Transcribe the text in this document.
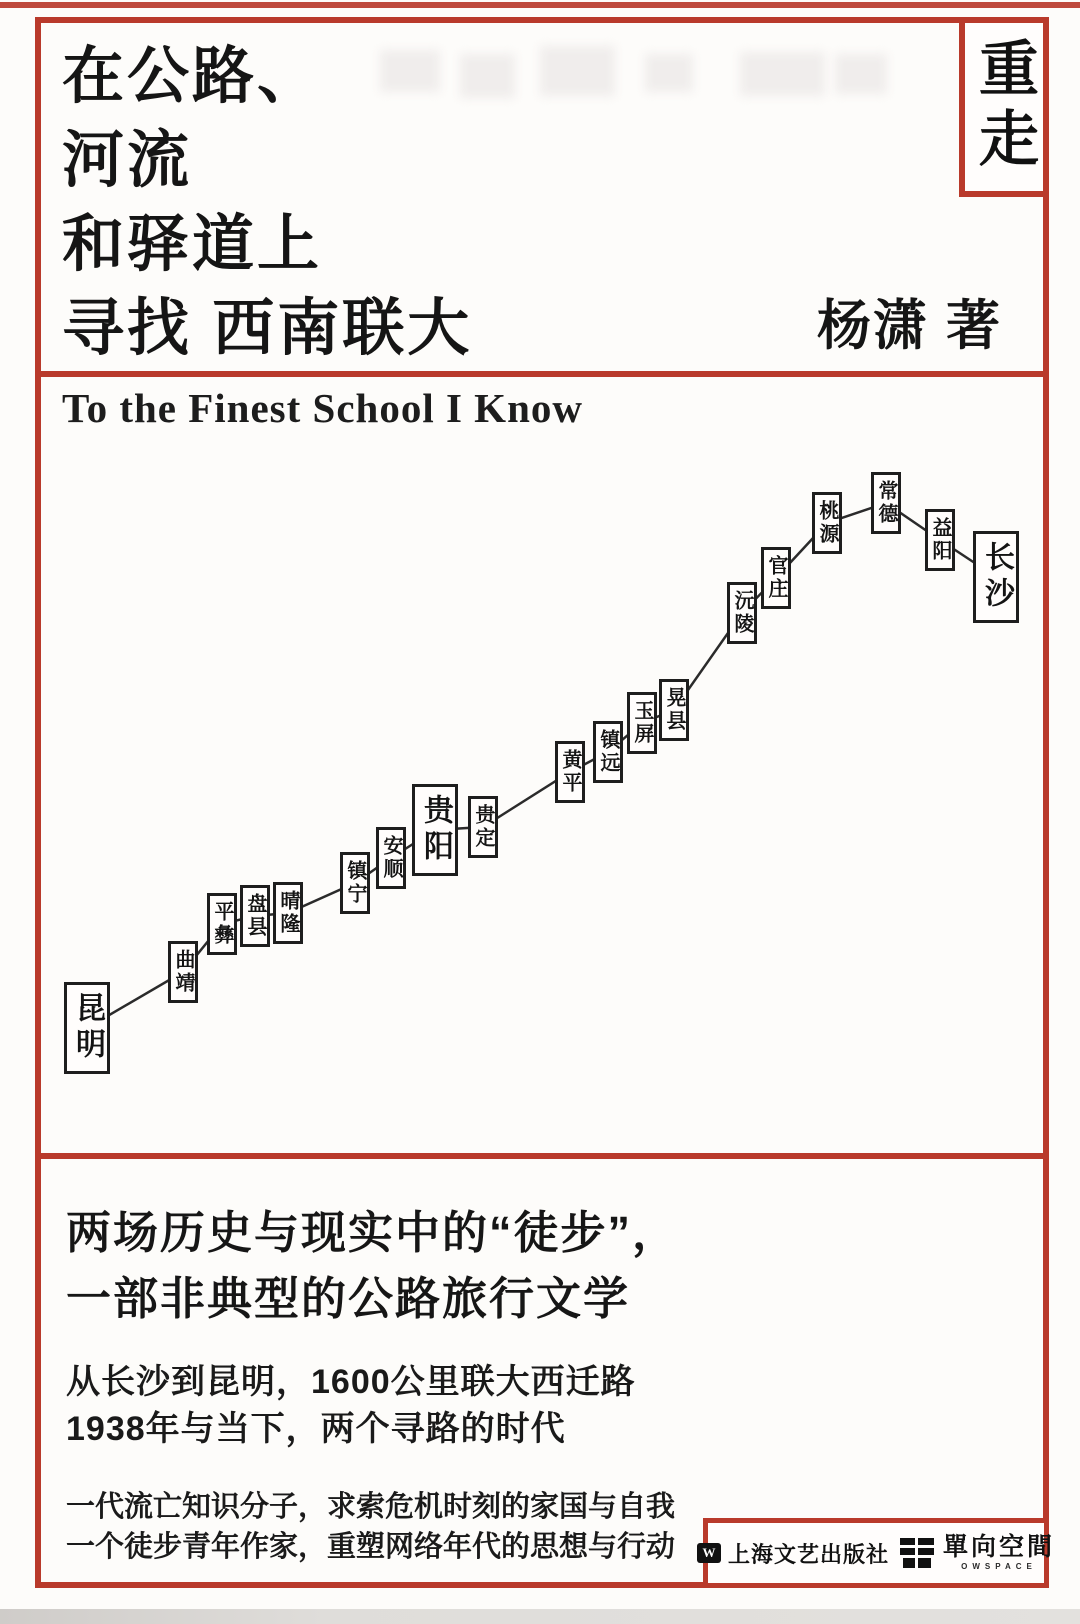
在公路、
河流
和驿道上
寻找 西南联大
重走
杨潇 著
To the Finest School I Know
昆明
曲靖
平彝 盘县 晴隆
镇宁
安顺 贵阳	贵定
黄平 镇远
玉屏 晃县
沅陵
官庄
桃源 常德
益阳
长沙
两场历史与现实中的“徒步”，
一部非典型的公路旅行文学
从长沙到昆明，1600公里联大西迁路
1938年与当下，两个寻路的时代
一代流亡知识分子，求索危机时刻的家国与自我
一个徒步青年作家，重塑网络年代的思想与行动	W 上海文艺出版社 單向空間
OWSPACE
